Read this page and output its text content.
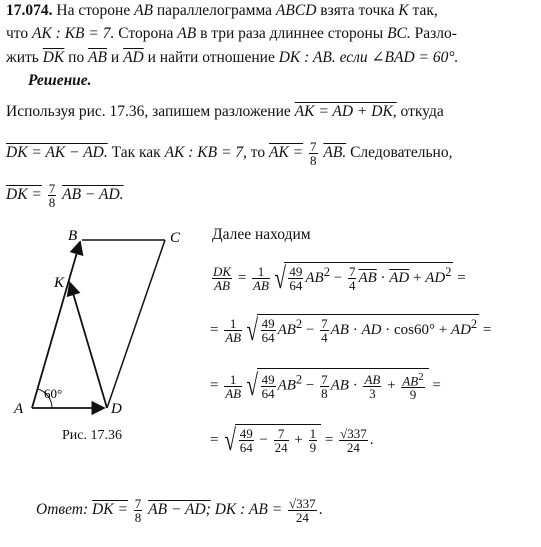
17.074. На стороне AB параллелограмма ABCD взята точка K так,
что AK : KB = 7. Сторона AB в три раза длиннее стороны BC. Разло-
жить $\overline{DK}$ по $\overline{AB}$ и $\overline{AD}$ и найти отношение DK : AB. если ∠BAD = 60°.
Решение.
Используя рис. 17.36, запишем разложение AK = AD + DK, откуда
DK = AK − AD. Так как AK : KB = 7, то AK = $\frac{7}{8}$ AB. Следовательно,
DK = $\frac{7}{8}$ AB − AD.
B	C
K
A	D
60°
Рис. 17.36
Далее находим
$\frac{DK}{AB} = \frac{1}{AB}$ √ $\frac{49}{64} AB^2 - \frac{7}{4} \overline{AB} \cdot \overline{AD} + AD^2$ =
= $\frac{1}{AB}$ √ $\frac{49}{64} AB^2 - \frac{7}{4}$ AB · AD · $\cos 60^\circ + AD^2$ =
= $\frac{1}{AB}$ √ $\frac{49}{64} AB^2 - \frac{7}{8}$ AB · $\frac{AB}{3} + \frac{AB^2}{9}$ =
= √ $\frac{49}{64} - \frac{7}{24} + \frac{1}{9} = \frac{√337}{24}$ .
Ответ: DK = $\frac{7}{8}$ AB − AD; DK : AB = $\frac{√337}{24}$ .
